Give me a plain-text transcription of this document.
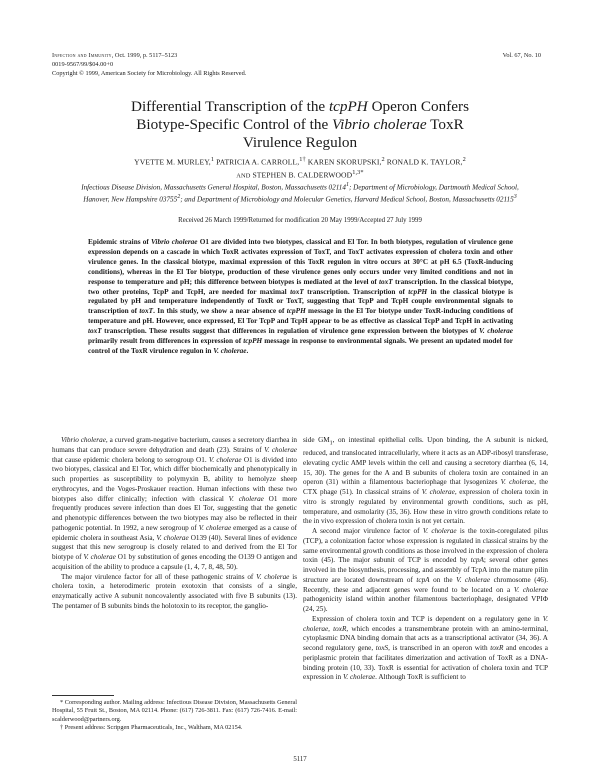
Infection and Immunity, Oct. 1999, p. 5117–5123
0019-9567/99/$04.00+0
Copyright © 1999, American Society for Microbiology. All Rights Reserved.
Vol. 67, No. 10
Differential Transcription of the tcpPH Operon Confers
Biotype-Specific Control of the Vibrio cholerae ToxR
Virulence Regulon
YVETTE M. MURLEY,$^1$ PATRICIA A. CARROLL,$^{1\dagger}$ KAREN SKORUPSKI,$^2$ RONALD K. TAYLOR,$^2$
AND STEPHEN B. $CALDERWOOD^{1,3*}$
Infectious Disease Division, Massachusetts General Hospital, Boston, Massachusetts 02114$^1$; Department of Microbiology, Dartmouth Medical School, Hanover, New Hampshire 03755$^2$; and Department of Microbiology and Molecular Genetics, Harvard Medical School, Boston, Massachusetts 02115$^3$
Received 26 March 1999/Returned for modification 20 May 1999/Accepted 27 July 1999
Epidemic strains of Vibrio cholerae O1 are divided into two biotypes, classical and El Tor. In both biotypes, regulation of virulence gene expression depends on a cascade in which ToxR activates expression of ToxT, and ToxT activates expression of cholera toxin and other virulence genes. In the classical biotype, maximal expression of this ToxR regulon in vitro occurs at 30°C at pH 6.5 (ToxR-inducing conditions), whereas in the El Tor biotype, production of these virulence genes only occurs under very limited conditions and not in response to temperature and pH; this difference between biotypes is mediated at the level of toxT transcription. In the classical biotype, two other proteins, TcpP and TcpH, are needed for maximal toxT transcription. Transcription of tcpPH in the classical biotype is regulated by pH and temperature independently of ToxR or ToxT, suggesting that TcpP and TcpH couple environmental signals to transcription of toxT. In this study, we show a near absence of tcpPH message in the El Tor biotype under ToxR-inducing conditions of temperature and pH. However, once expressed, El Tor TcpP and TcpH appear to be as effective as classical TcpP and TcpH in activating toxT transcription. These results suggest that differences in regulation of virulence gene expression between the biotypes of V. cholerae primarily result from differences in expression of tcpPH message in response to environmental signals. We present an updated model for control of the ToxR virulence regulon in V. cholerae.

Vibrio cholerae, a curved gram-negative bacterium, causes a secretory diarrhea in humans that can produce severe dehydration and death (23). Strains of V. cholerae that cause epidemic cholera belong to serogroup O1. V. cholerae O1 is divided into two biotypes, classical and El Tor, which differ biochemically and phenotypically in such properties as susceptibility to polymyxin B, ability to hemolyze sheep erythrocytes, and the Voges-Proskauer reaction. Human infections with these two biotypes also differ clinically; infection with classical V. cholerae O1 more frequently produces severe infection than does El Tor, suggesting that the genetic and phenotypic differences between the two biotypes may also be reflected in their pathogenic potential. In 1992, a new serogroup of V. cholerae emerged as a cause of epidemic cholera in southeast Asia, V. cholerae O139 (40). Several lines of evidence suggest that this new serogroup is closely related to and derived from the El Tor biotype of V. cholerae O1 by substitution of genes encoding the O139 O antigen and acquisition of the ability to produce a capsule (1, 4, 7, 8, 48, 50).

The major virulence factor for all of these pathogenic strains of V. cholerae is cholera toxin, a heterodimeric protein exotoxin that consists of a single, enzymatically active A subunit noncovalently associated with five B subunits (13). The pentamer of B subunits binds the holotoxin to its receptor, the ganglio-

side $GM_1$, on intestinal epithelial cells. Upon binding, the A subunit is nicked, reduced, and translocated intracellularly, where it acts as an ADP-ribosyl transferase, elevating cyclic AMP levels within the cell and causing a secretory diarrhea (6, 14, 15, 30). The genes for the A and B subunits of cholera toxin are contained in an operon (31) within a filamentous bacteriophage that lysogenizes V. cholerae, the CTX phage (51). In classical strains of V. cholerae, expression of cholera toxin in vitro is strongly regulated by environmental growth conditions, such as pH, temperature, and osmolarity (35, 36). How these in vitro growth conditions relate to the in vivo expression of cholera toxin is not yet certain.

A second major virulence factor of V. cholerae is the toxin-coregulated pilus (TCP), a colonization factor whose expression is regulated in classical strains by the same environmental growth conditions as those involved in the expression of cholera toxin (45). The major subunit of TCP is encoded by tcpA; several other genes involved in the biosynthesis, processing, and assembly of TcpA into the mature pilin structure are located downstream of tcpA on the V. cholerae chromosome (46). Recently, these and adjacent genes were found to be located on a V. cholerae pathogenicity island within another filamentous bacteriophage, designated VPIΦ (24, 25).

Expression of cholera toxin and TCP is dependent on a regulatory gene in V. cholerae, toxR, which encodes a transmembrane protein with an amino-terminal, cytoplasmic DNA binding domain that acts as a transcriptional activator (34, 36). A second regulatory gene, toxS, is transcribed in an operon with toxR and encodes a periplasmic protein that facilitates dimerization and activation of ToxR as a DNA-binding protein (10, 33). ToxR is essential for activation of cholera toxin and TCP expression in V. cholerae. Although ToxR is sufficient to

* Corresponding author. Mailing address: Infectious Disease Division, Massachusetts General Hospital, 55 Fruit St., Boston, MA 02114. Phone: (617) 726-3811. Fax: (617) 726-7416. E-mail: scalderwood@partners.org.

† Present address: Scripgen Pharmaceuticals, Inc., Waltham, MA 02154.

5117
